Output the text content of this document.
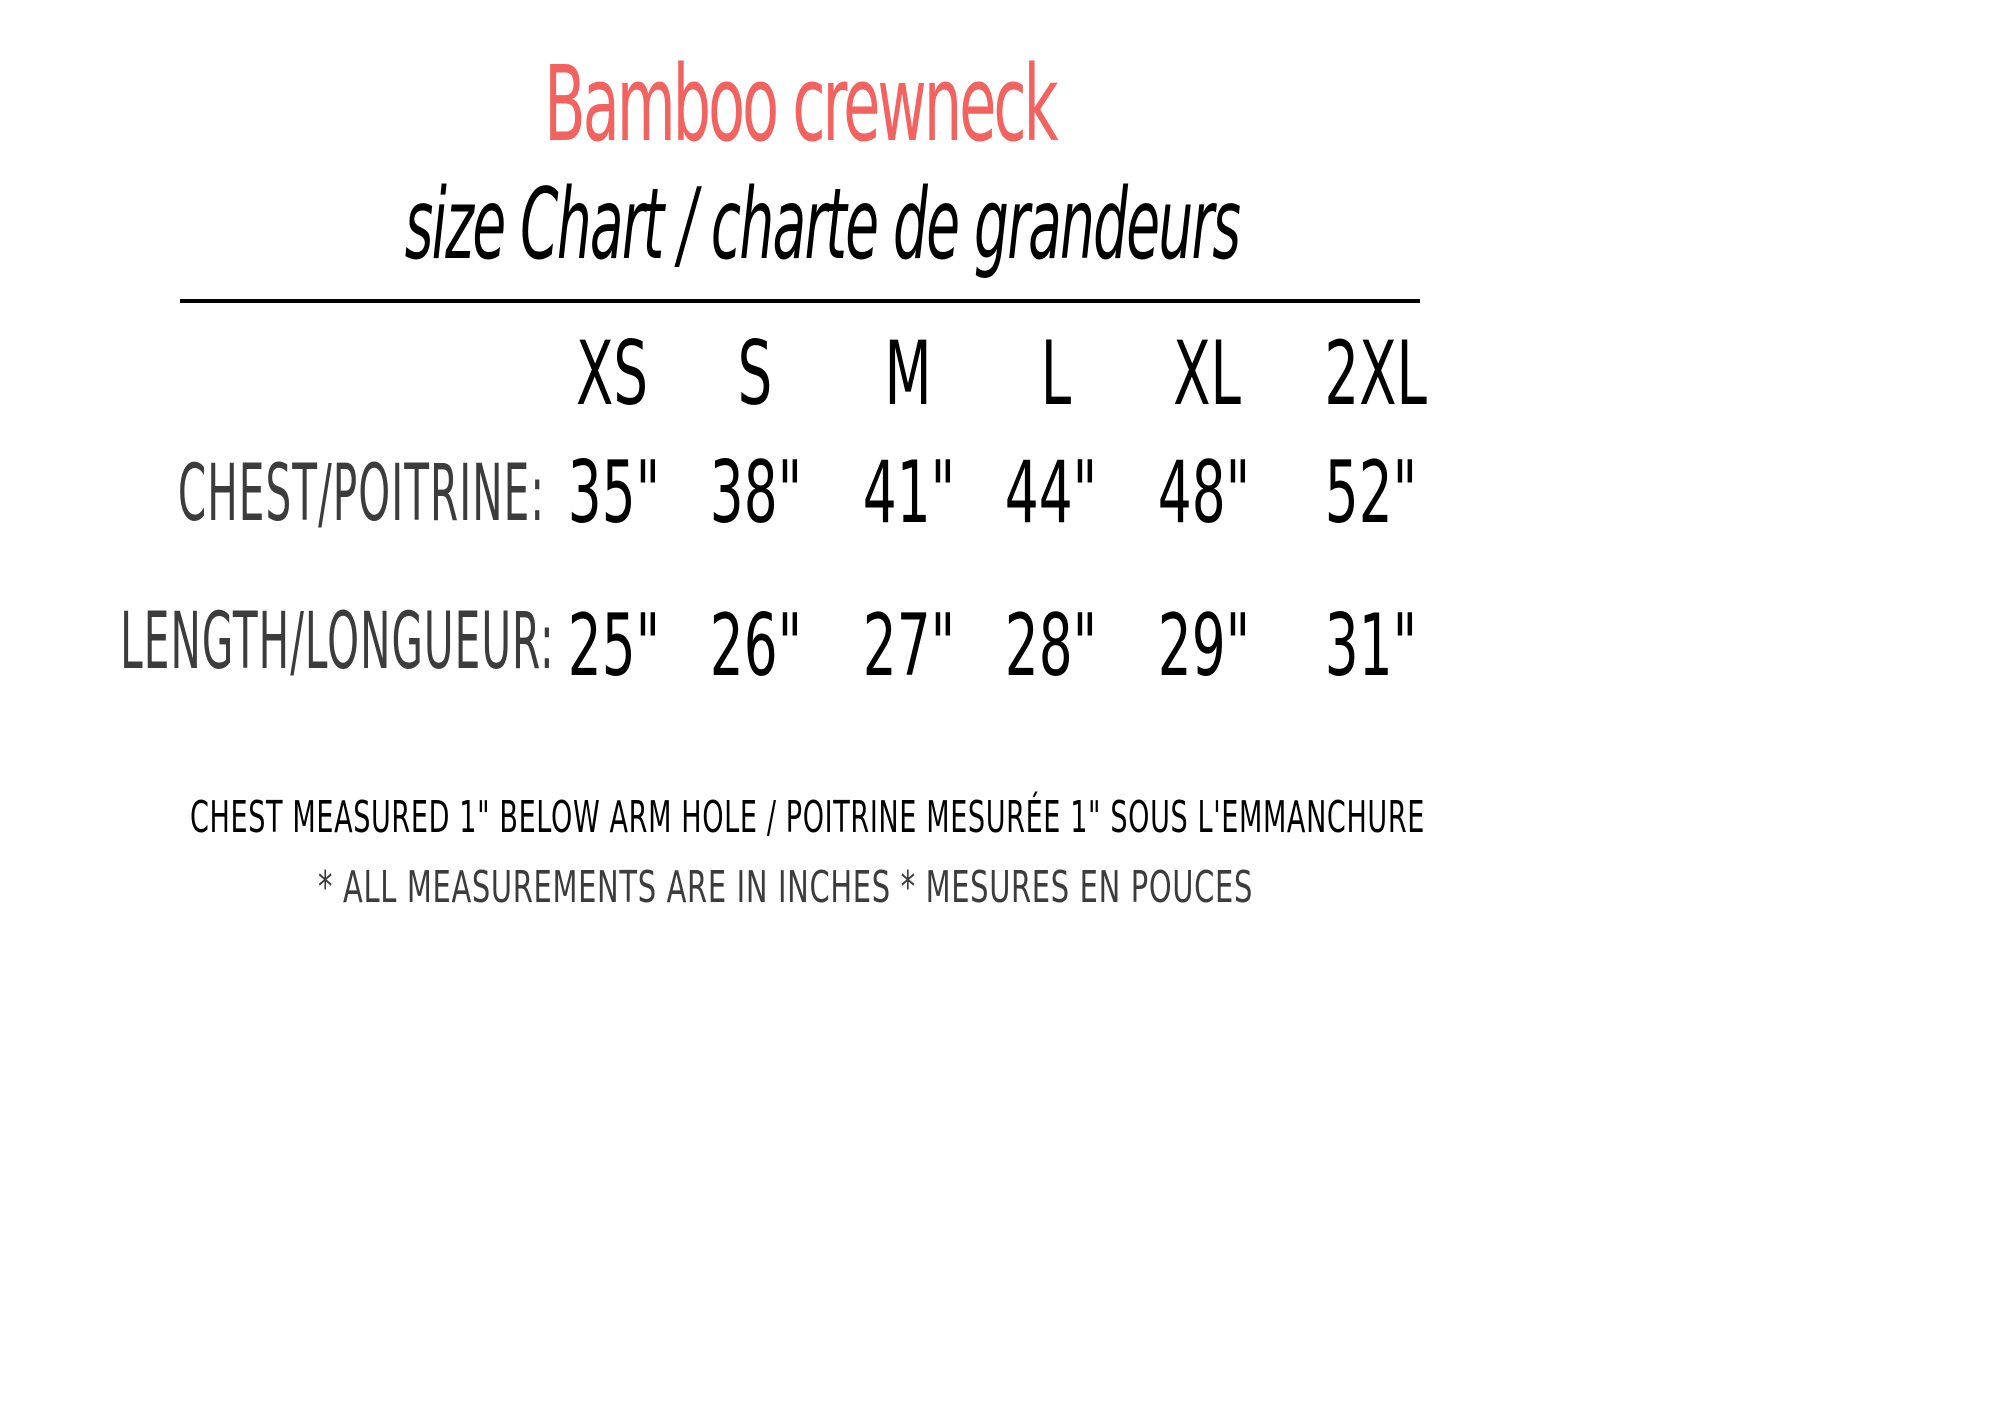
Bamboo crewneck
size Chart / charte de grandeurs
XS	S	M	L	XL 2XL
CHEST/POITRINE: 35" 38" 41" 44" 48" 52"
LENGTH/LONGUEUR: 25" 26" 27" 28" 29" 31"
CHEST MEASURED 1" BELOW ARM HOLE / POITRINE MESURÉE 1" SOUS L'EMMANCHURE
* ALL MEASUREMENTS ARE IN INCHES * MESURES EN POUCES
